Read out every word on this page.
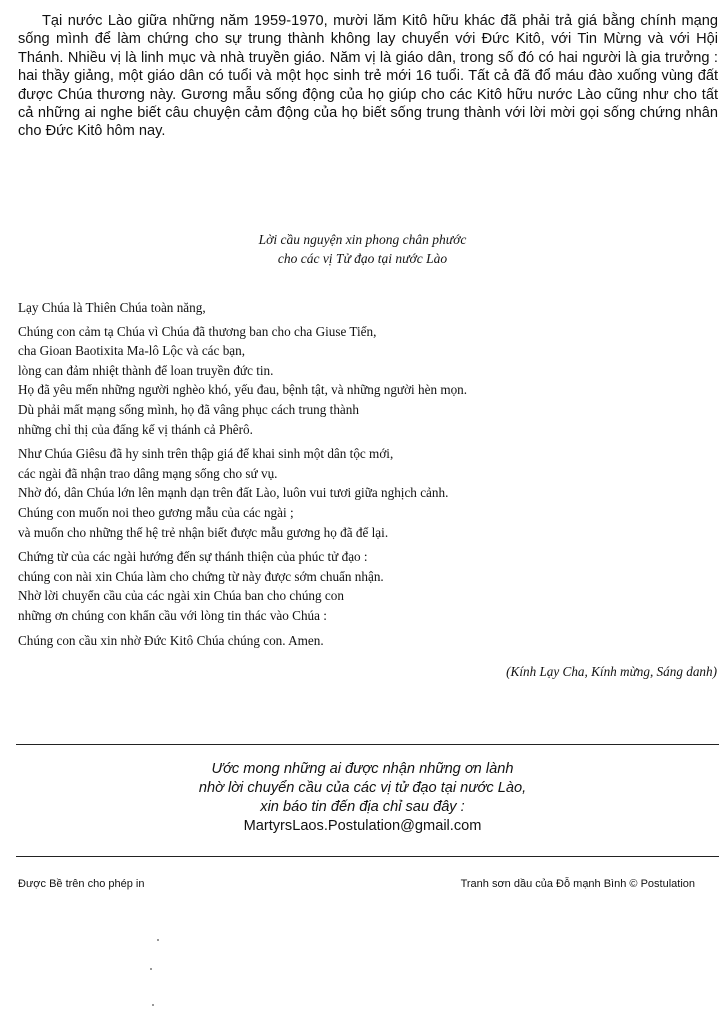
Tại nước Lào giữa những năm 1959-1970, mười lăm Kitô hữu khác đã phải trả giá bằng chính mạng sống mình để làm chứng cho sự trung thành không lay chuyển với Đức Kitô, với Tin Mừng và với Hội Thánh. Nhiều vị là linh mục và nhà truyền giáo. Năm vị là giáo dân, trong số đó có hai người là gia trưởng : hai thầy giảng, một giáo dân có tuổi và một học sinh trẻ mới 16 tuổi. Tất cả đã đổ máu đào xuống vùng đất được Chúa thương này. Gương mẫu sống động của họ giúp cho các Kitô hữu nước Lào cũng như cho tất cả những ai nghe biết câu chuyện cảm động của họ biết sống trung thành với lời mời gọi sống chứng nhân cho Đức Kitô hôm nay.

Lời cầu nguyện xin phong chân phước
cho các vị Tử đạo tại nước Lào
Lạy Chúa là Thiên Chúa toàn năng,
Chúng con cảm tạ Chúa vì Chúa đã thương ban cho cha Giuse Tiến,
cha Gioan Baotixita Ma-lô Lộc và các bạn,
lòng can đảm nhiệt thành để loan truyền đức tin.
Họ đã yêu mến những người nghèo khó, yếu đau, bệnh tật, và những người hèn mọn.
Dù phải mất mạng sống mình, họ đã vâng phục cách trung thành
những chỉ thị của đấng kế vị thánh cả Phêrô.
Như Chúa Giêsu đã hy sinh trên thập giá để khai sinh một dân tộc mới,
các ngài đã nhận trao dâng mạng sống cho sứ vụ.
Nhờ đó, dân Chúa lớn lên mạnh dạn trên đất Lào, luôn vui tươi giữa nghịch cảnh.
Chúng con muốn noi theo gương mẫu của các ngài ;
và muốn cho những thế hệ trẻ nhận biết được mẫu gương họ đã để lại.
Chứng từ của các ngài hướng đến sự thánh thiện của phúc tử đạo :
chúng con nài xin Chúa làm cho chứng từ này được sớm chuẩn nhận.
Nhờ lời chuyển cầu của các ngài xin Chúa ban cho chúng con
những ơn chúng con khẩn cầu với lòng tin thác vào Chúa :
Chúng con cầu xin nhờ Đức Kitô Chúa chúng con. Amen.
(Kính Lạy Cha, Kính mừng, Sáng danh)
Ước mong những ai được nhận những ơn lành
nhờ lời chuyển cầu của các vị tử đạo tại nước Lào,
xin báo tin đến địa chỉ sau đây :
MartyrsLaos.Postulation@gmail.com
Được Bề trên cho phép in	Tranh sơn dầu của Đỗ mạnh Bình © Postulation
